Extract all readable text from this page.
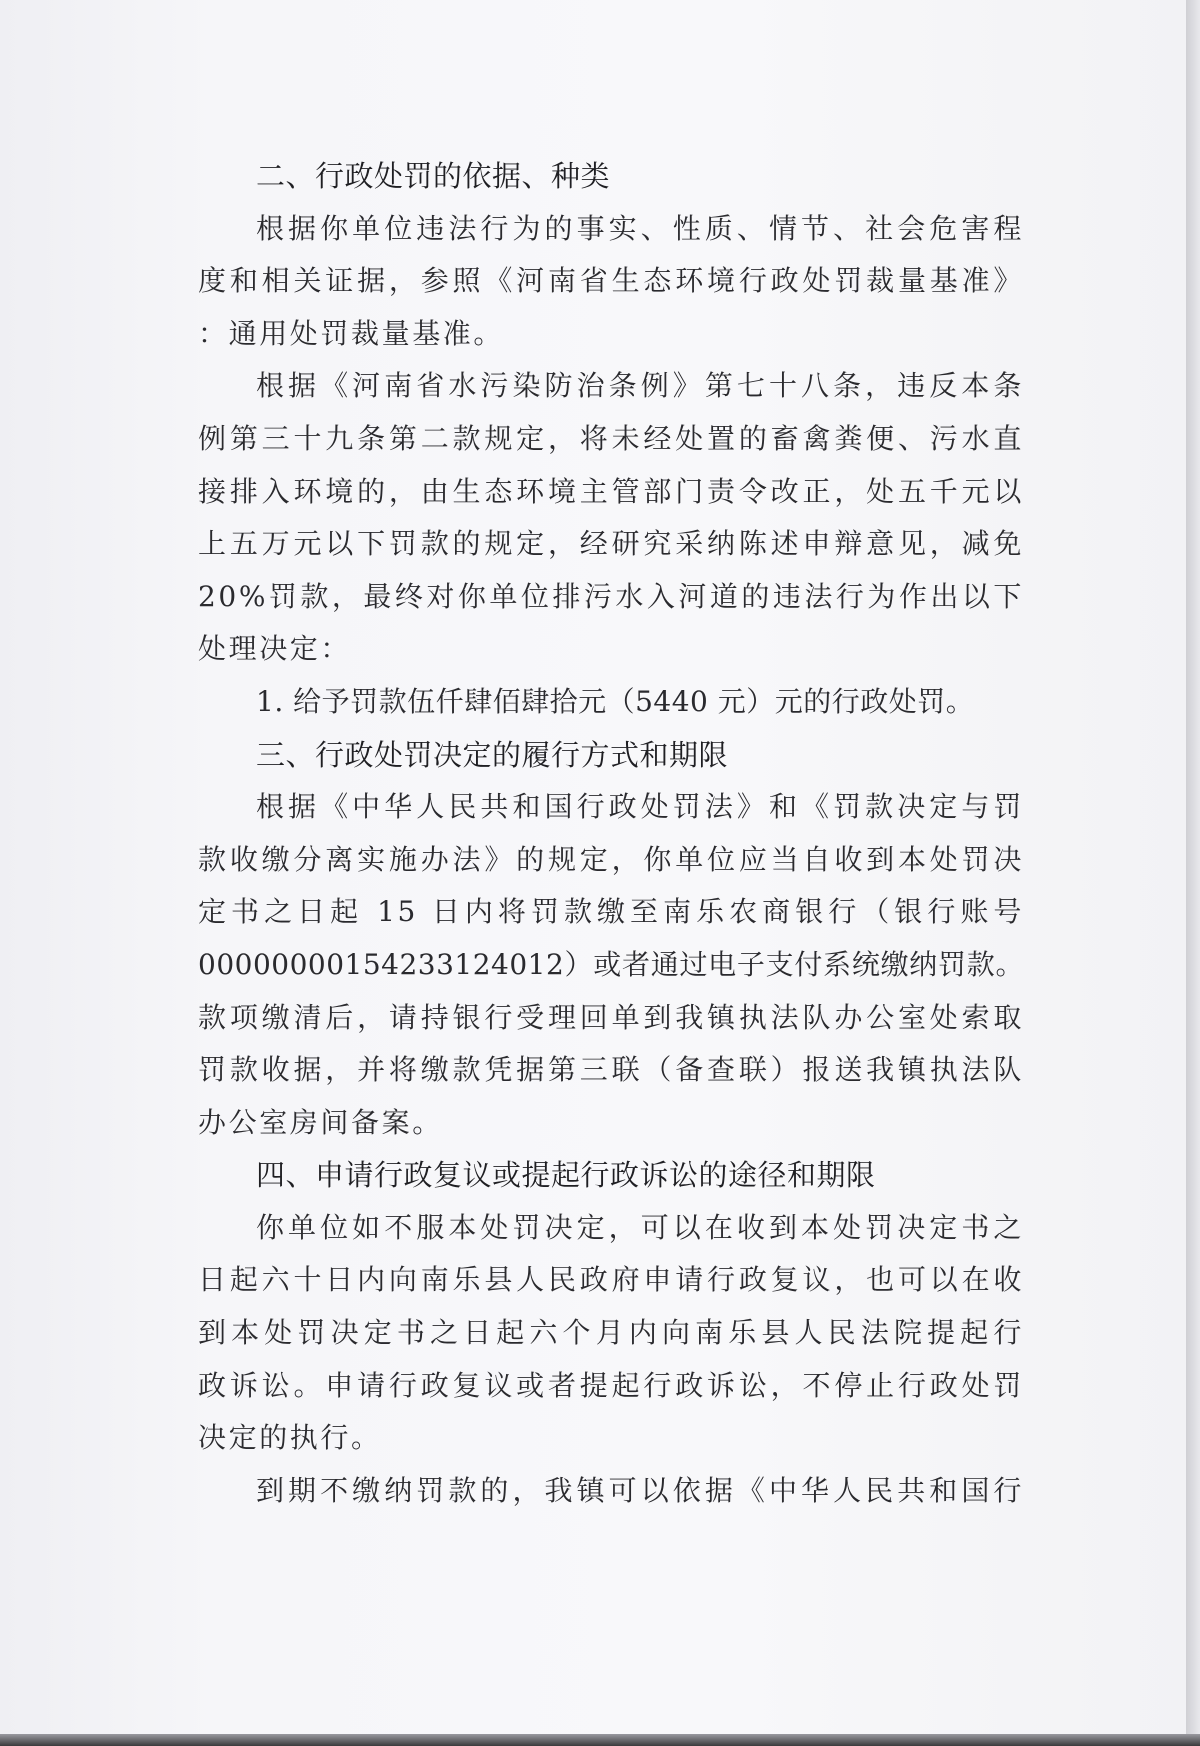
二、行政处罚的依据、种类
根据你单位违法行为的事实、性质、情节、社会危害程
度和相关证据，参照《河南省生态环境行政处罚裁量基准》
：通用处罚裁量基准。
根据《河南省水污染防治条例》第七十八条，违反本条
例第三十九条第二款规定，将未经处置的畜禽粪便、污水直
接排入环境的，由生态环境主管部门责令改正，处五千元以
上五万元以下罚款的规定，经研究采纳陈述申辩意见，减免
20%罚款，最终对你单位排污水入河道的违法行为作出以下
处理决定：
1. 给予罚款伍仟肆佰肆拾元（5440 元）元的行政处罚。
三、行政处罚决定的履行方式和期限
根据《中华人民共和国行政处罚法》和《罚款决定与罚
款收缴分离实施办法》的规定，你单位应当自收到本处罚决
定书之日起 15 日内将罚款缴至南乐农商银行（银行账号
00000000154233124012）或者通过电子支付系统缴纳罚款。
款项缴清后，请持银行受理回单到我镇执法队办公室处索取
罚款收据，并将缴款凭据第三联（备查联）报送我镇执法队
办公室房间备案。
四、申请行政复议或提起行政诉讼的途径和期限
你单位如不服本处罚决定，可以在收到本处罚决定书之
日起六十日内向南乐县人民政府申请行政复议，也可以在收
到本处罚决定书之日起六个月内向南乐县人民法院提起行
政诉讼。申请行政复议或者提起行政诉讼，不停止行政处罚
决定的执行。
到期不缴纳罚款的，我镇可以依据《中华人民共和国行
